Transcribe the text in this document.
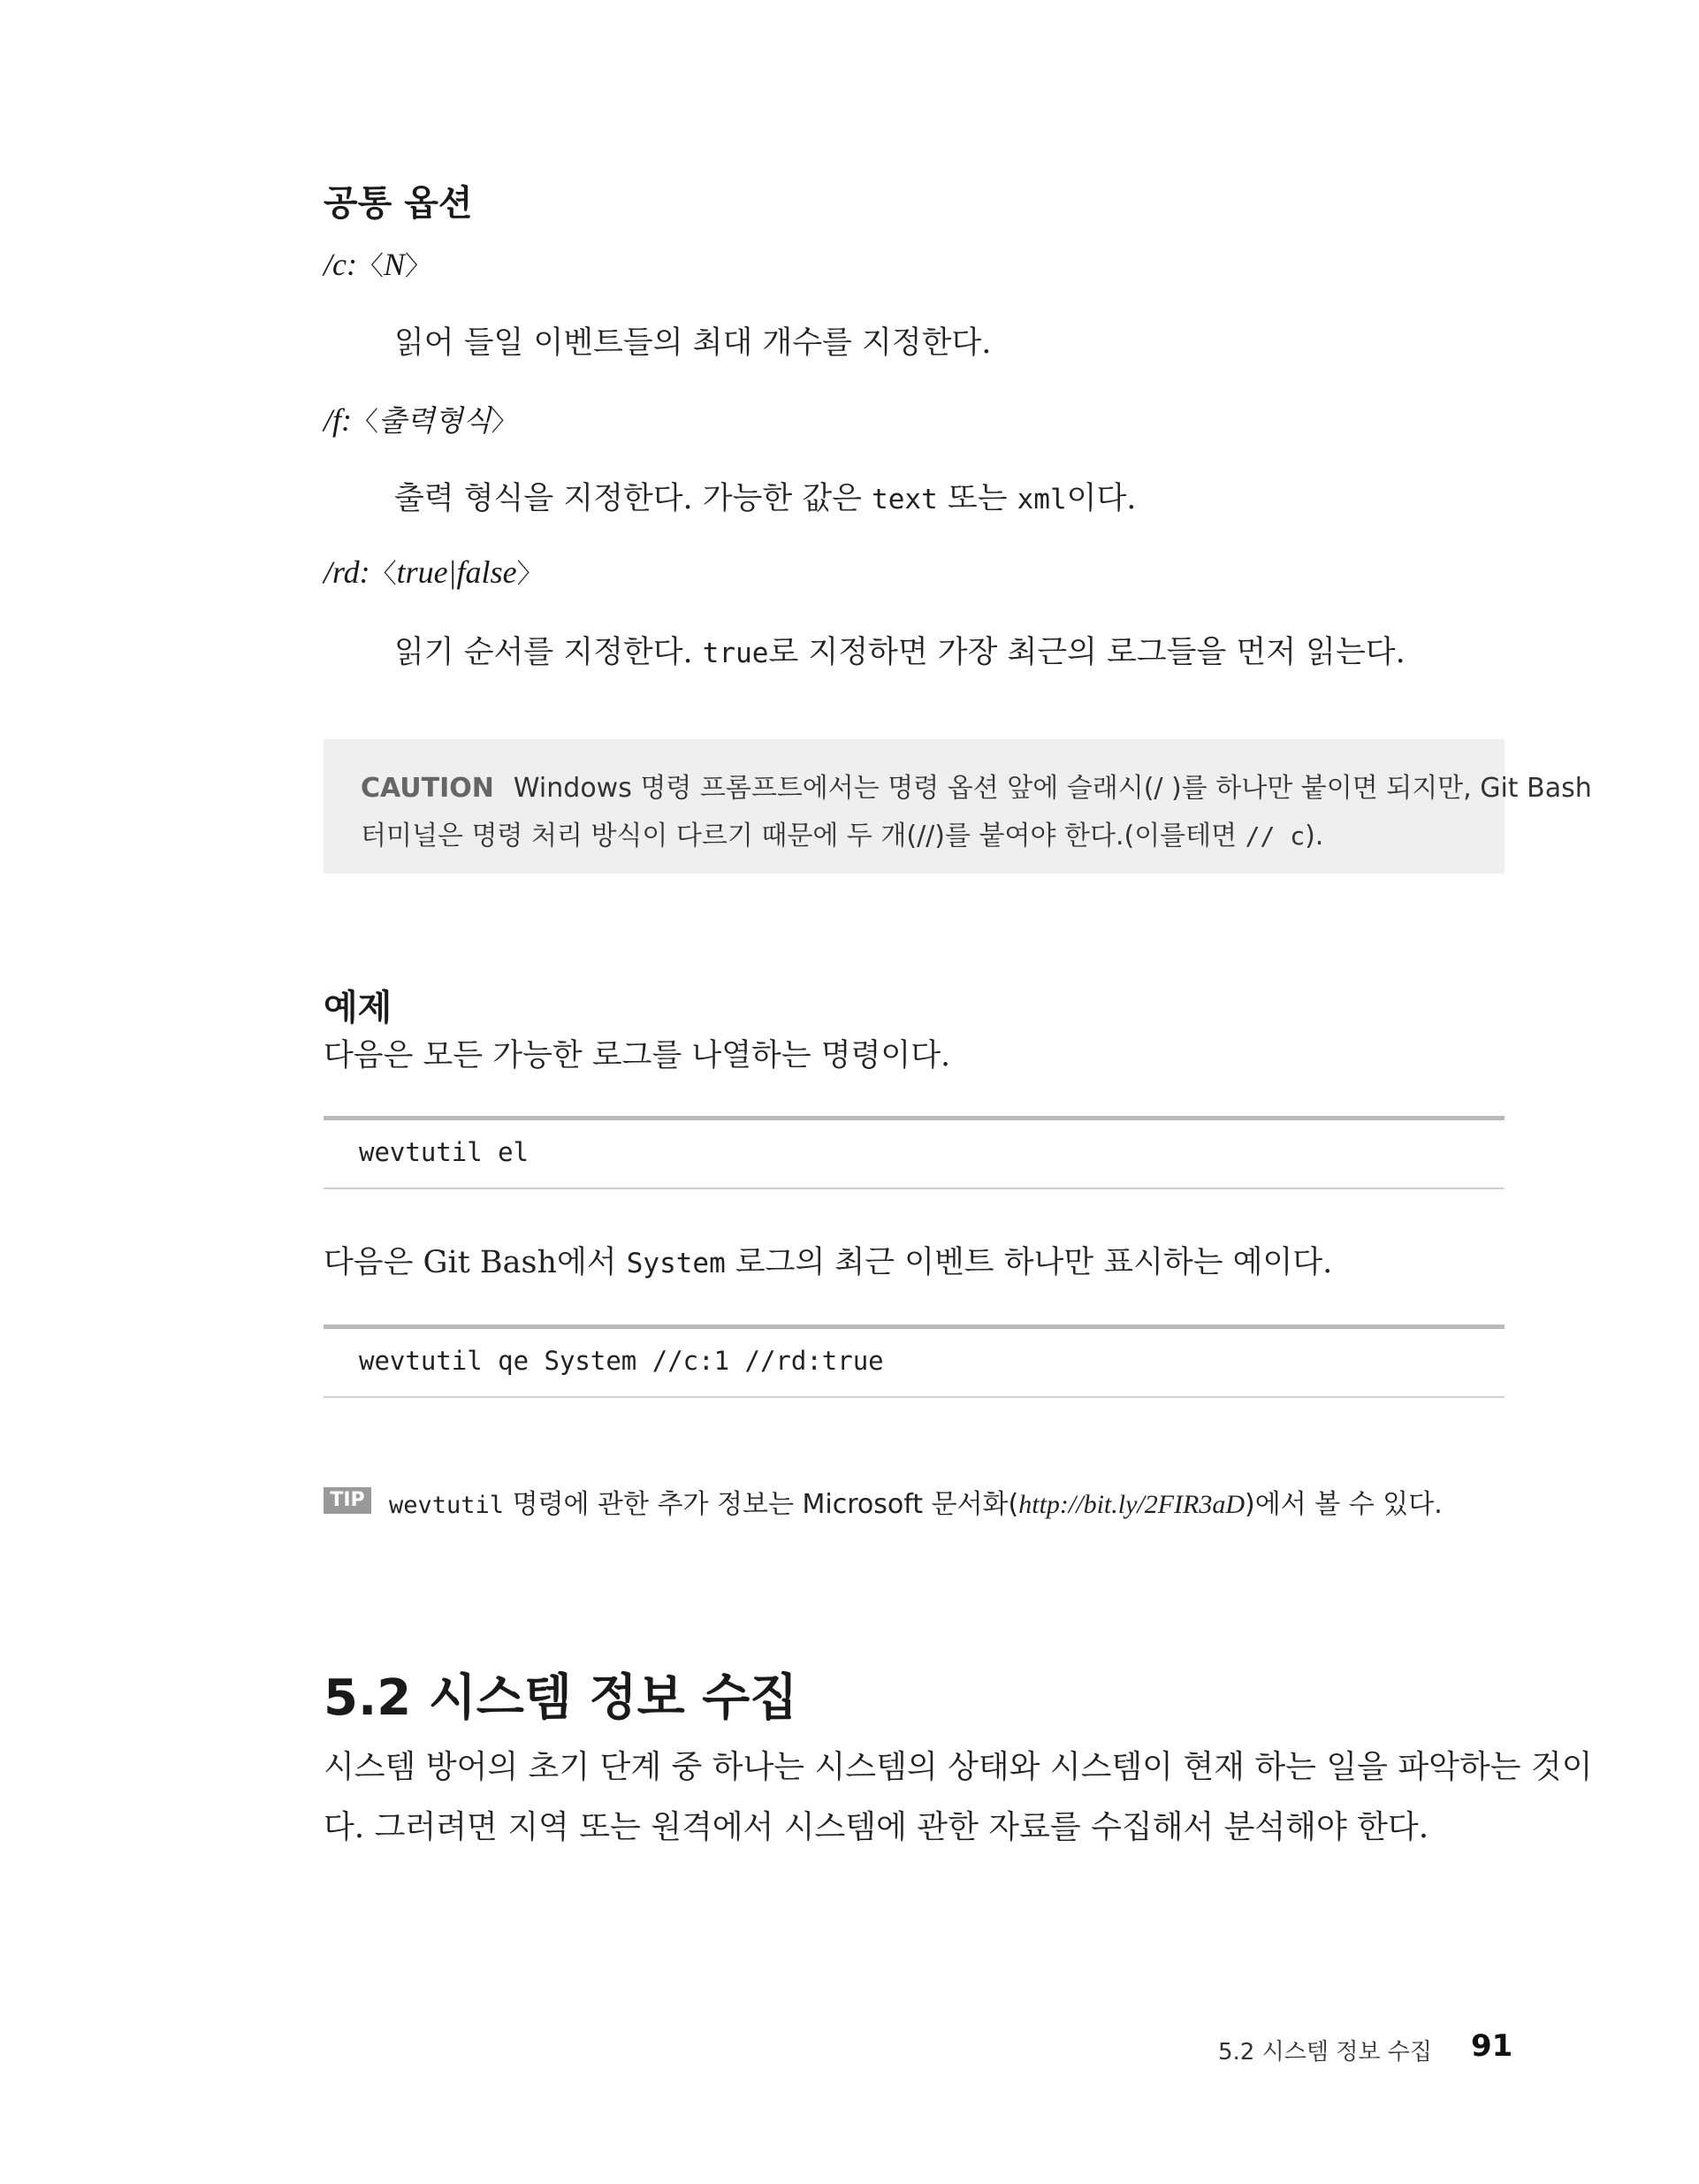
공통 옵션
/c:〈N〉
읽어 들일 이벤트들의 최대 개수를 지정한다.
/f:〈출력형식〉
출력 형식을 지정한다. 가능한 값은 text 또는 xml이다.
/rd:〈true|false〉
읽기 순서를 지정한다. true로 지정하면 가장 최근의 로그들을 먼저 읽는다.
CAUTION Windows 명령 프롬프트에서는 명령 옵션 앞에 슬래시(/ )를 하나만 붙이면 되지만, Git Bash
터미널은 명령 처리 방식이 다르기 때문에 두 개(//)를 붙여야 한다.(이를테면 // c).
예제
다음은 모든 가능한 로그를 나열하는 명령이다.
wevtutil el
다음은 Git Bash에서 System 로그의 최근 이벤트 하나만 표시하는 예이다.
wevtutil qe System //c:1 //rd:true
TIP wevtutil 명령에 관한 추가 정보는 Microsoft 문서화(http://bit.ly/2FIR3aD)에서 볼 수 있다.
5.2 시스템 정보 수집
시스템 방어의 초기 단계 중 하나는 시스템의 상태와 시스템이 현재 하는 일을 파악하는 것이
다. 그러려면 지역 또는 원격에서 시스템에 관한 자료를 수집해서 분석해야 한다.
5.2 시스템 정보 수집 91
